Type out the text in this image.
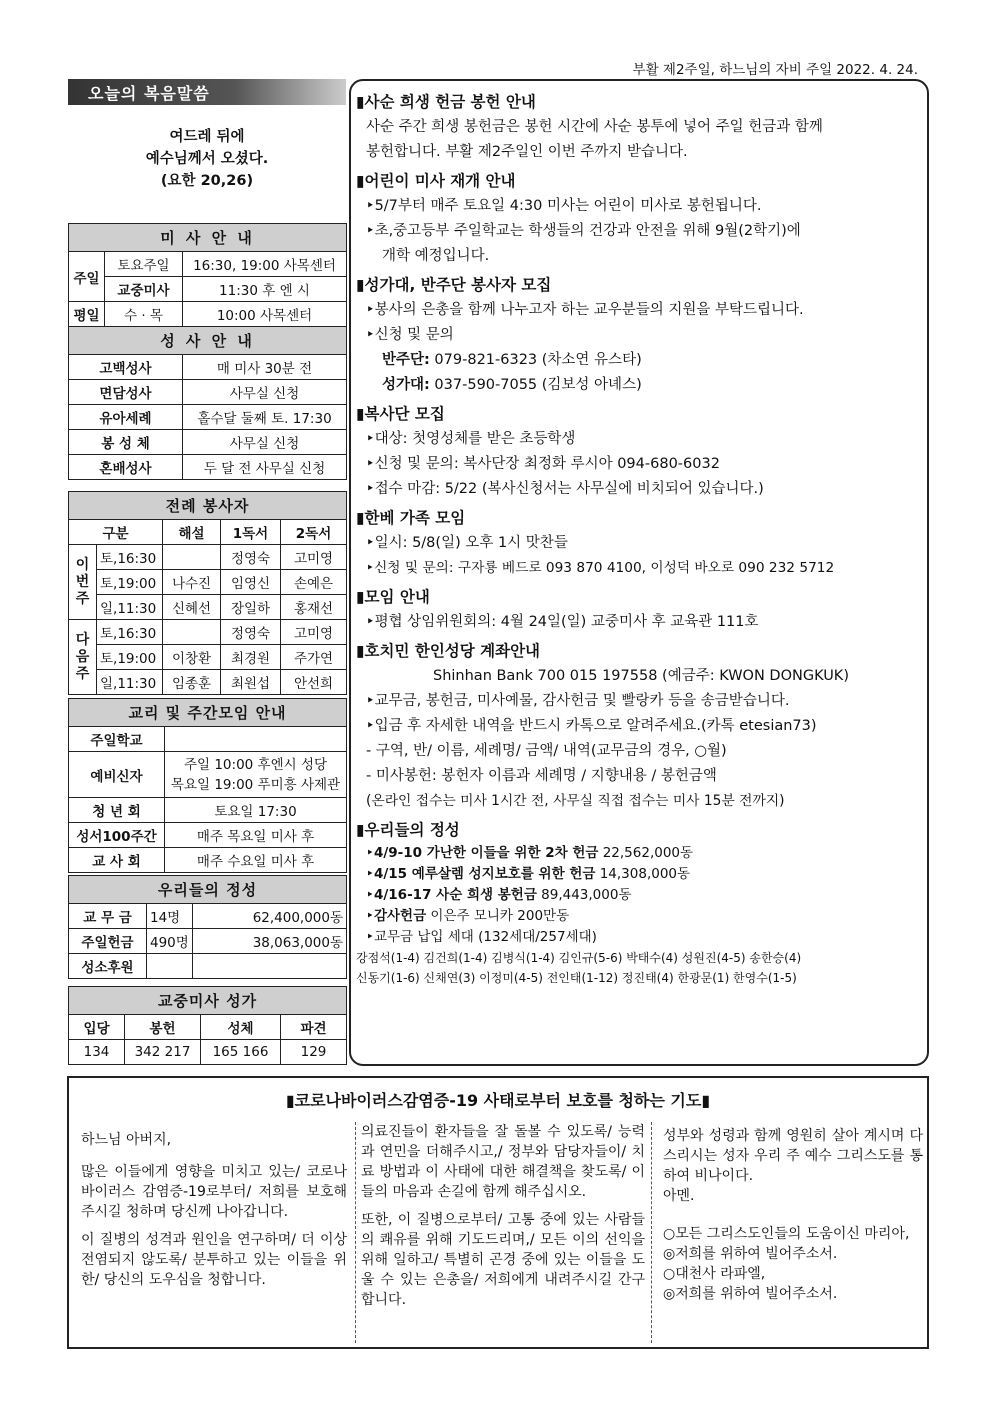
부활 제2주일, 하느님의 자비 주일 2022. 4. 24.
오늘의 복음말씀
여드레 뒤에
예수님께서 오셨다.
(요한 20,26)
미 사 안 내		
주일	토요주일	16:30, 19:00 사목센터
	교중미사	11:30 후 엔 시
평일	수 · 목	10:00 사목센터
성 사 안 내		
고백성사		매 미사 30분 전
면담성사		사무실 신청
유아세례		홀수달 둘째 토. 17:30
봉 성 체		사무실 신청
혼배성사		두 달 전 사무실 신청
전례 봉사자				
구분		해설	1독서	2독서
이번주	토,16:30		정영숙	고미영
	토,19:00	나수진	임영신	손예은
	일,11:30	신혜선	장일하	홍재선
다음주	토,16:30		정영숙	고미영
	토,19:00	이창환	최경원	주가연
	일,11:30	임종훈	최원섭	안선희
교리 및 주간모임 안내	
주일학교	
예비신자	주일 10:00 후엔시 성당
목요일 19:00 푸미흥 사제관

청 년 회	토요일 17:30
성서100주간	매주 목요일 미사 후
교 사 회	매주 수요일 미사 후
우리들의 정성		
교 무 금	14명	62,400,000동
주일헌금	490명	38,063,000동
성소후원		
교중미사 성가			
입당	봉헌	성체	파견
134	342 217	165 166	129
▮사순 희생 헌금 봉헌 안내
사순 주간 희생 봉헌금은 봉헌 시간에 사순 봉투에 넣어 주일 헌금과 함께
봉헌합니다. 부활 제2주일인 이번 주까지 받습니다.
▮어린이 미사 재개 안내
‣5/7부터 매주 토요일 4:30 미사는 어린이 미사로 봉헌됩니다.
‣초,중고등부 주일학교는 학생들의 건강과 안전을 위해 9월(2학기)에
개학 예정입니다.
▮성가대, 반주단 봉사자 모집
‣봉사의 은총을 함께 나누고자 하는 교우분들의 지원을 부탁드립니다.
‣신청 및 문의
반주단: 079-821-6323 (차소연 유스타)
성가대: 037-590-7055 (김보성 아녜스)
▮복사단 모집
‣대상: 첫영성체를 받은 초등학생
‣신청 및 문의: 복사단장 최정화 루시아 094-680-6032
‣접수 마감: 5/22 (복사신청서는 사무실에 비치되어 있습니다.)
▮한베 가족 모임
‣일시: 5/8(일) 오후 1시 맛찬들
‣신청 및 문의: 구자룡 베드로 093 870 4100, 이성덕 바오로 090 232 5712
▮모임 안내
‣평협 상임위원회의: 4월 24일(일) 교중미사 후 교육관 111호
▮호치민 한인성당 계좌안내
Shinhan Bank 700 015 197558 (예금주: KWON DONGKUK)
‣교무금, 봉헌금, 미사예물, 감사헌금 및 빨랑카 등을 송금받습니다.
‣입금 후 자세한 내역을 반드시 카톡으로 알려주세요.(카톡 etesian73)
- 구역, 반/ 이름, 세례명/ 금액/ 내역(교무금의 경우, ○월)
- 미사봉헌: 봉헌자 이름과 세례명 / 지향내용 / 봉헌금액
(온라인 접수는 미사 1시간 전, 사무실 직접 접수는 미사 15분 전까지)
▮우리들의 정성
‣4/9-10 가난한 이들을 위한 2차 헌금 22,562,000동
‣4/15 예루살렘 성지보호를 위한 헌금 14,308,000동
‣4/16-17 사순 희생 봉헌금 89,443,000동
‣감사헌금 이은주 모니카 200만동
‣교무금 납입 세대 (132세대/257세대)
강점석(1-4) 김건희(1-4) 김병식(1-4) 김인규(5-6) 박태수(4) 성원진(4-5) 송한승(4)
신동기(1-6) 신채연(3) 이정미(4-5) 전인태(1-12) 정진태(4) 한광문(1) 한영수(1-5)
▮코로나바이러스감염증-19 사태로부터 보호를 청하는 기도▮

하느님 아버지,

많은 이들에게 영향을 미치고 있는/ 코로나 바이러스 감염증-19로부터/ 저희를 보호해주시길 청하며 당신께 나아갑니다.

이 질병의 성격과 원인을 연구하며/ 더 이상 전염되지 않도록/ 분투하고 있는 이들을 위한/ 당신의 도우심을 청합니다.

의료진들이 환자들을 잘 돌볼 수 있도록/ 능력과 연민을 더해주시고,/ 정부와 담당자들이/ 치료 방법과 이 사태에 대한 해결책을 찾도록/ 이들의 마음과 손길에 함께 해주십시오.

또한, 이 질병으로부터/ 고통 중에 있는 사람들의 쾌유를 위해 기도드리며,/ 모든 이의 선익을 위해 일하고/ 특별히 곤경 중에 있는 이들을 도울 수 있는 은총을/ 저희에게 내려주시길 간구합니다.

성부와 성령과 함께 영원히 살아 계시며 다스리시는 성자 우리 주 예수 그리스도를 통하여 비나이다.

아멘.

○모든 그리스도인들의 도움이신 마리아,
◎저희를 위하여 빌어주소서.
○대천사 라파엘,
◎저희를 위하여 빌어주소서.
